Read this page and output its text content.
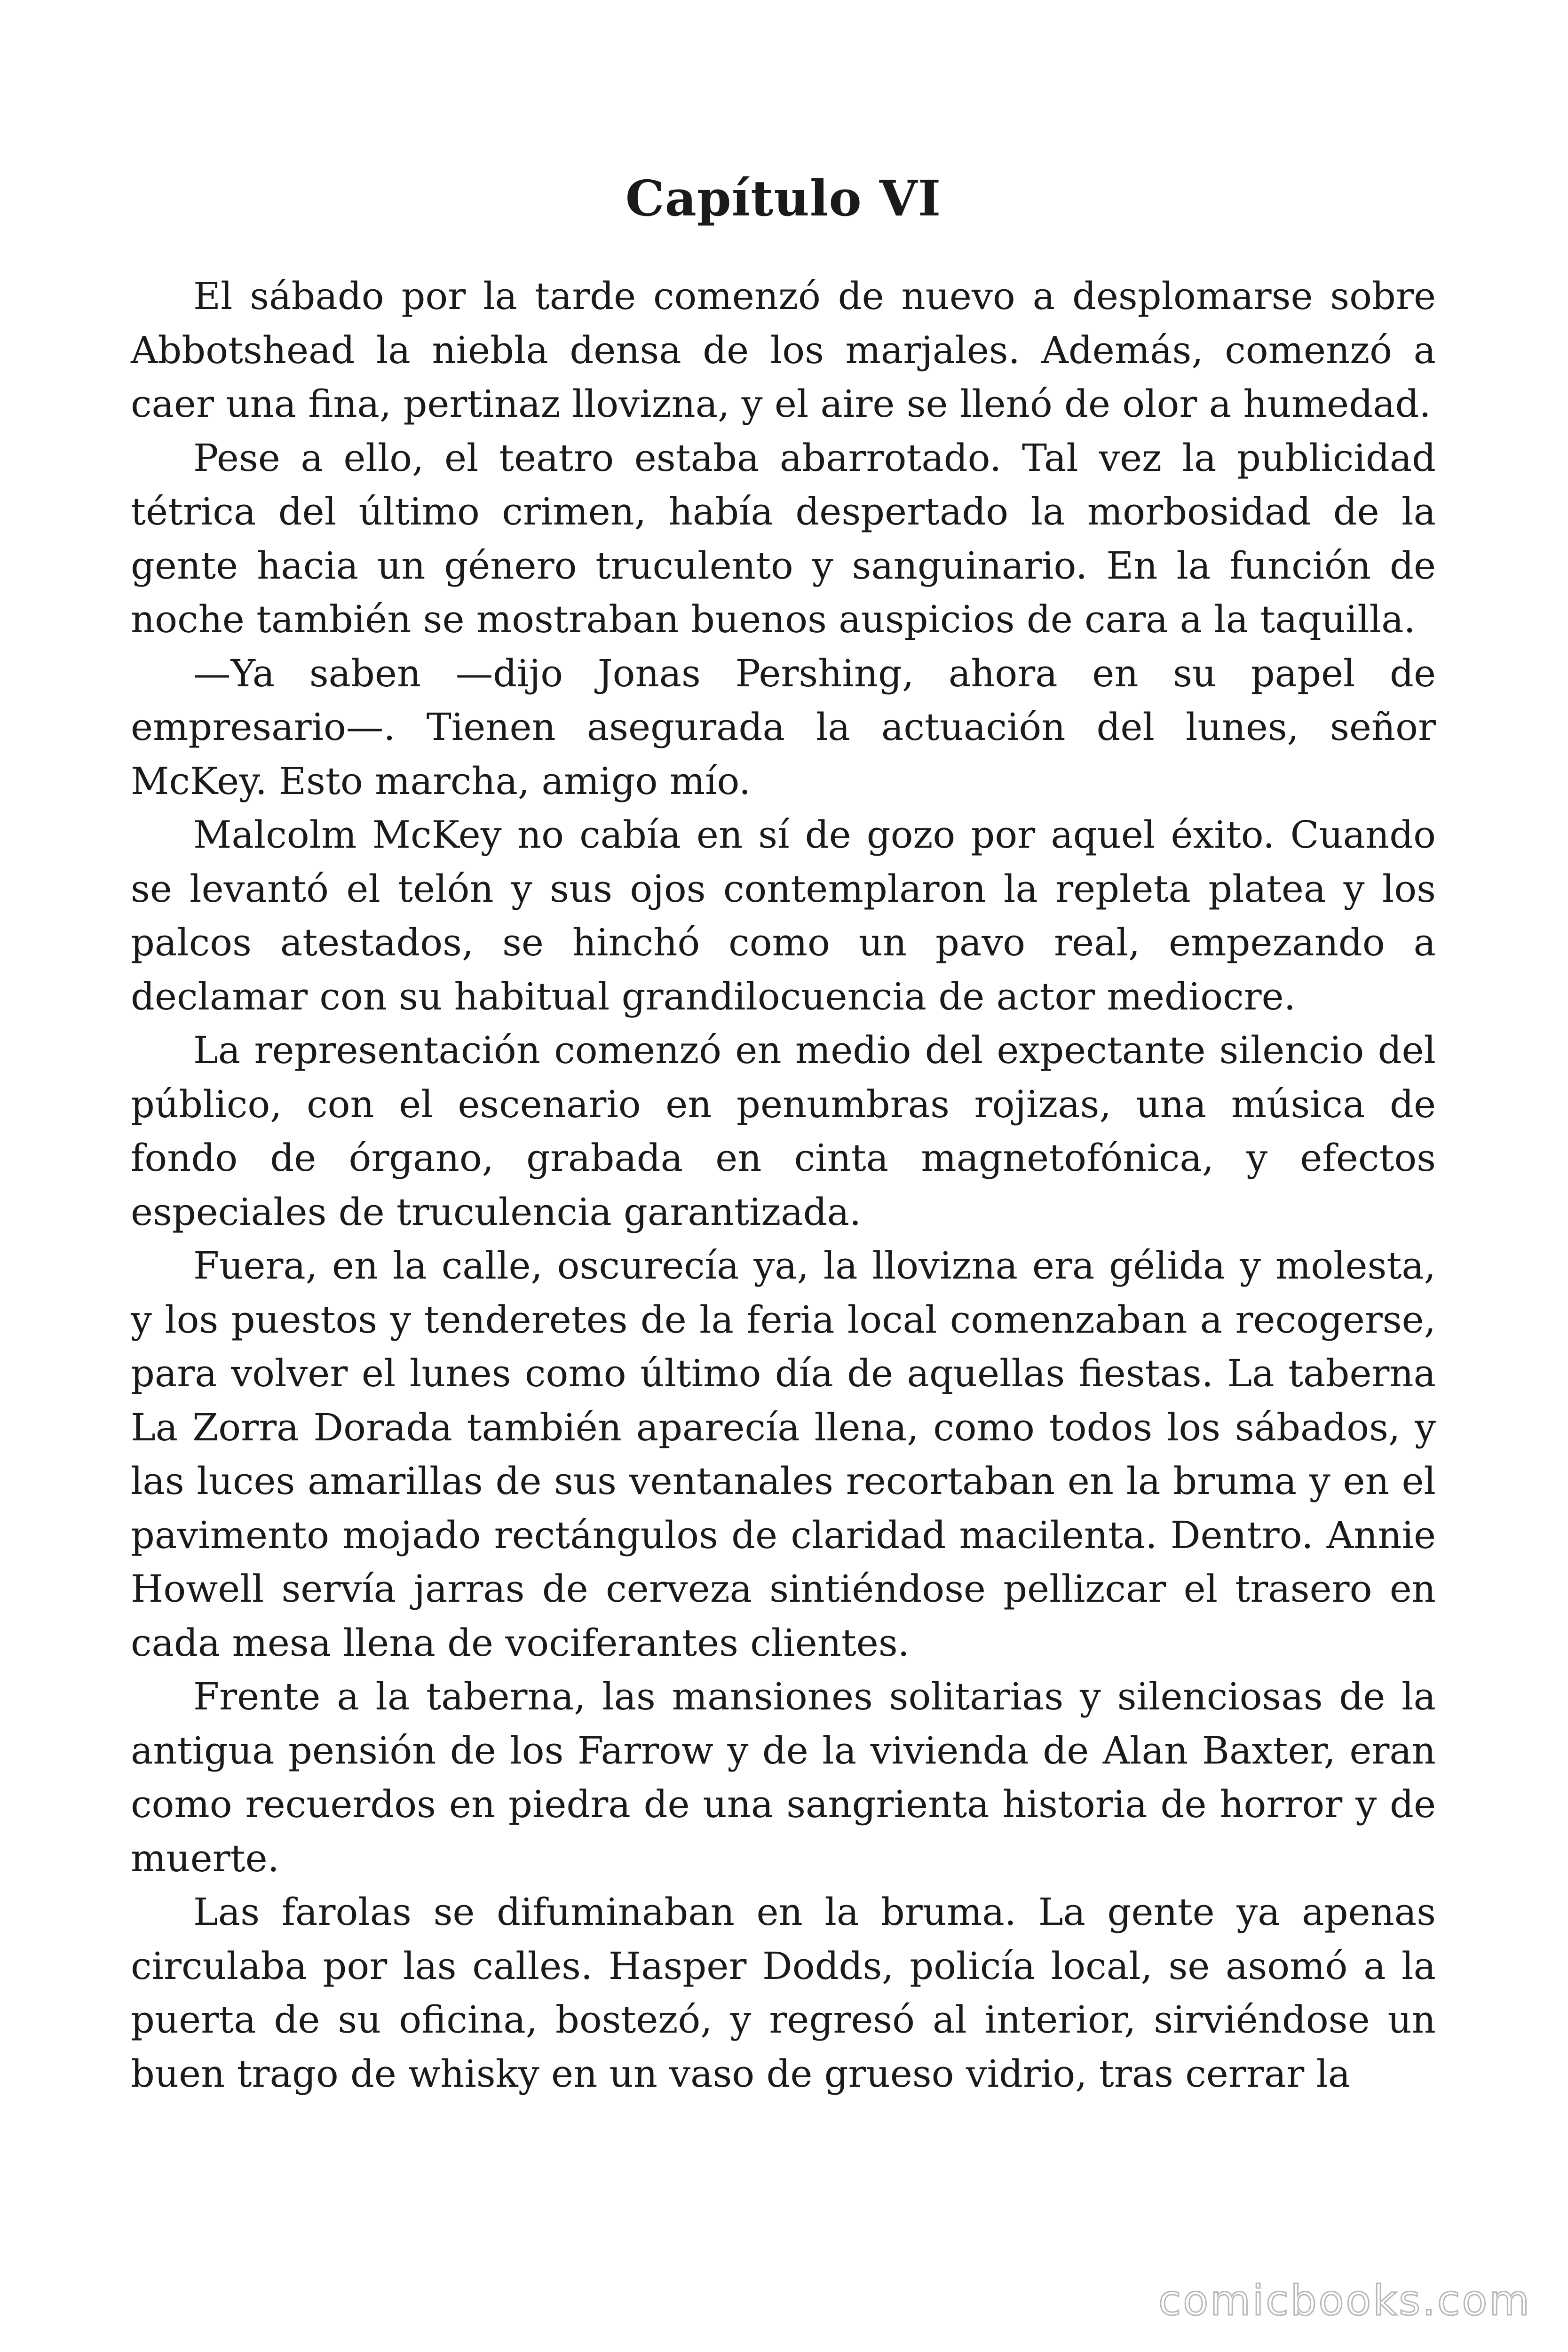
Capítulo VI

El sábado por la tarde comenzó de nuevo a desplomarse sobre Abbotshead la niebla densa de los marjales. Además, comenzó a caer una fina, pertinaz llovizna, y el aire se llenó de olor a humedad.

Pese a ello, el teatro estaba abarrotado. Tal vez la publicidad tétrica del último crimen, había despertado la morbosidad de la gente hacia un género truculento y sanguinario. En la función de noche también se mostraban buenos auspicios de cara a la taquilla.

—Ya saben —dijo Jonas Pershing, ahora en su papel de empresario—. Tienen asegurada la actuación del lunes, señor McKey. Esto marcha, amigo mío.

Malcolm McKey no cabía en sí de gozo por aquel éxito. Cuando se levantó el telón y sus ojos contemplaron la repleta platea y los palcos atestados, se hinchó como un pavo real, empezando a declamar con su habitual grandilocuencia de actor mediocre.

La representación comenzó en medio del expectante silencio del público, con el escenario en penumbras rojizas, una música de fondo de órgano, grabada en cinta magnetofónica, y efectos especiales de truculencia garantizada.

Fuera, en la calle, oscurecía ya, la llovizna era gélida y molesta, y los puestos y tenderetes de la feria local comenzaban a recogerse, para volver el lunes como último día de aquellas fiestas. La taberna La Zorra Dorada también aparecía llena, como todos los sábados, y las luces amarillas de sus ventanales recortaban en la bruma y en el pavimento mojado rectángulos de claridad macilenta. Dentro. Annie Howell servía jarras de cerveza sintiéndose pellizcar el trasero en cada mesa llena de vociferantes clientes.

Frente a la taberna, las mansiones solitarias y silenciosas de la antigua pensión de los Farrow y de la vivienda de Alan Baxter, eran como recuerdos en piedra de una sangrienta historia de horror y de muerte.

Las farolas se difuminaban en la bruma. La gente ya apenas circulaba por las calles. Hasper Dodds, policía local, se asomó a la puerta de su oficina, bostezó, y regresó al interior, sirviéndose un buen trago de whisky en un vaso de grueso vidrio, tras cerrar la

comicbooks.com
